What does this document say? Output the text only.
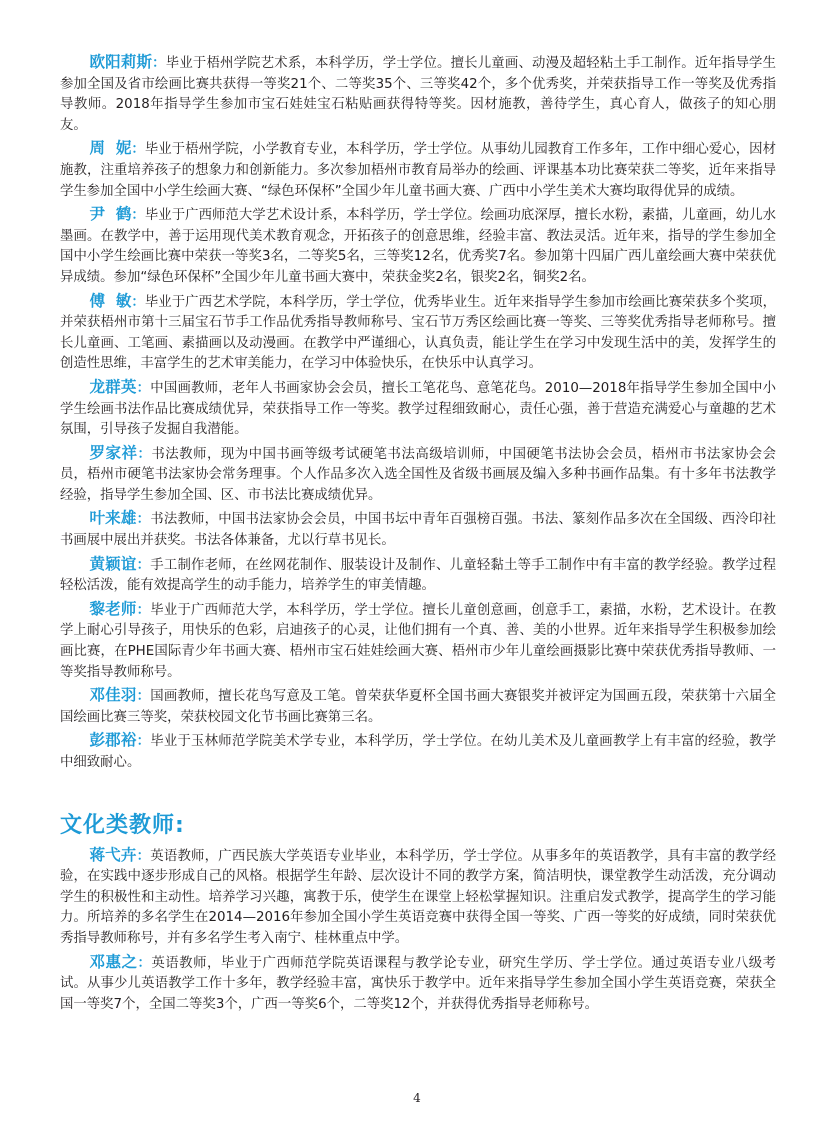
欧阳莉斯：毕业于梧州学院艺术系，本科学历，学士学位。擅长儿童画、动漫及超轻粘土手工制作。近年指导学生参加全国及省市绘画比赛共获得一等奖21个、二等奖35个、三等奖42个，多个优秀奖，并荣获指导工作一等奖及优秀指导教师。2018年指导学生参加市宝石娃娃宝石粘贴画获得特等奖。因材施教，善待学生，真心育人，做孩子的知心朋友。

周  妮：毕业于梧州学院，小学教育专业，本科学历，学士学位。从事幼儿园教育工作多年，工作中细心爱心，因材施教，注重培养孩子的想象力和创新能力。多次参加梧州市教育局举办的绘画、评课基本功比赛荣获二等奖，近年来指导学生参加全国中小学生绘画大赛、“绿色环保杯”全国少年儿童书画大赛、广西中小学生美术大赛均取得优异的成绩。

尹  鹤：毕业于广西师范大学艺术设计系，本科学历，学士学位。绘画功底深厚，擅长水粉，素描，儿童画，幼儿水墨画。在教学中，善于运用现代美术教育观念，开拓孩子的创意思维，经验丰富、教法灵活。近年来，指导的学生参加全国中小学生绘画比赛中荣获一等奖3名，二等奖5名，三等奖12名，优秀奖7名。参加第十四届广西儿童绘画大赛中荣获优异成绩。参加“绿色环保杯”全国少年儿童书画大赛中，荣获金奖2名，银奖2名，铜奖2名。

傅  敏：毕业于广西艺术学院，本科学历，学士学位，优秀毕业生。近年来指导学生参加市绘画比赛荣获多个奖项，并荣获梧州市第十三届宝石节手工作品优秀指导教师称号、宝石节万秀区绘画比赛一等奖、三等奖优秀指导老师称号。擅长儿童画、工笔画、素描画以及动漫画。在教学中严谨细心，认真负责，能让学生在学习中发现生活中的美，发挥学生的创造性思维，丰富学生的艺术审美能力，在学习中体验快乐，在快乐中认真学习。

龙群英：中国画教师，老年人书画家协会会员，擅长工笔花鸟、意笔花鸟。2010—2018年指导学生参加全国中小学生绘画书法作品比赛成绩优异，荣获指导工作一等奖。教学过程细致耐心，责任心强，善于营造充满爱心与童趣的艺术氛围，引导孩子发掘自我潜能。

罗家祥：书法教师，现为中国书画等级考试硬笔书法高级培训师，中国硬笔书法协会会员，梧州市书法家协会会员，梧州市硬笔书法家协会常务理事。个人作品多次入选全国性及省级书画展及编入多种书画作品集。有十多年书法教学经验，指导学生参加全国、区、市书法比赛成绩优异。

叶来雄：书法教师，中国书法家协会会员，中国书坛中青年百强榜百强。书法、篆刻作品多次在全国级、西泠印社书画展中展出并获奖。书法各体兼备，尤以行草书见长。

黄颖谊：手工制作老师，在丝网花制作、服装设计及制作、儿童轻黏土等手工制作中有丰富的教学经验。教学过程轻松活泼，能有效提高学生的动手能力，培养学生的审美情趣。

黎老师：毕业于广西师范大学，本科学历，学士学位。擅长儿童创意画，创意手工，素描，水粉，艺术设计。在教学上耐心引导孩子，用快乐的色彩，启迪孩子的心灵，让他们拥有一个真、善、美的小世界。近年来指导学生积极参加绘画比赛，在PHE国际青少年书画大赛、梧州市宝石娃娃绘画大赛、梧州市少年儿童绘画摄影比赛中荣获优秀指导教师、一等奖指导教师称号。

邓佳羽：国画教师，擅长花鸟写意及工笔。曾荣获华夏杯全国书画大赛银奖并被评定为国画五段，荣获第十六届全国绘画比赛三等奖，荣获校园文化节书画比赛第三名。

彭郡裕：毕业于玉林师范学院美术学专业，本科学历，学士学位。在幼儿美术及儿童画教学上有丰富的经验，教学中细致耐心。

文化类教师:

蒋弋卉：英语教师，广西民族大学英语专业毕业，本科学历，学士学位。从事多年的英语教学，具有丰富的教学经验，在实践中逐步形成自己的风格。根据学生年龄、层次设计不同的教学方案，简洁明快，课堂教学生动活泼，充分调动学生的积极性和主动性。培养学习兴趣，寓教于乐，使学生在课堂上轻松掌握知识。注重启发式教学，提高学生的学习能力。所培养的多名学生在2014—2016年参加全国小学生英语竞赛中获得全国一等奖、广西一等奖的好成绩，同时荣获优秀指导教师称号，并有多名学生考入南宁、桂林重点中学。

邓惠之：英语教师，毕业于广西师范学院英语课程与教学论专业，研究生学历、学士学位。通过英语专业八级考试。从事少儿英语教学工作十多年，教学经验丰富，寓快乐于教学中。近年来指导学生参加全国小学生英语竞赛，荣获全国一等奖7个，全国二等奖3个，广西一等奖6个，二等奖12个，并获得优秀指导老师称号。

4
